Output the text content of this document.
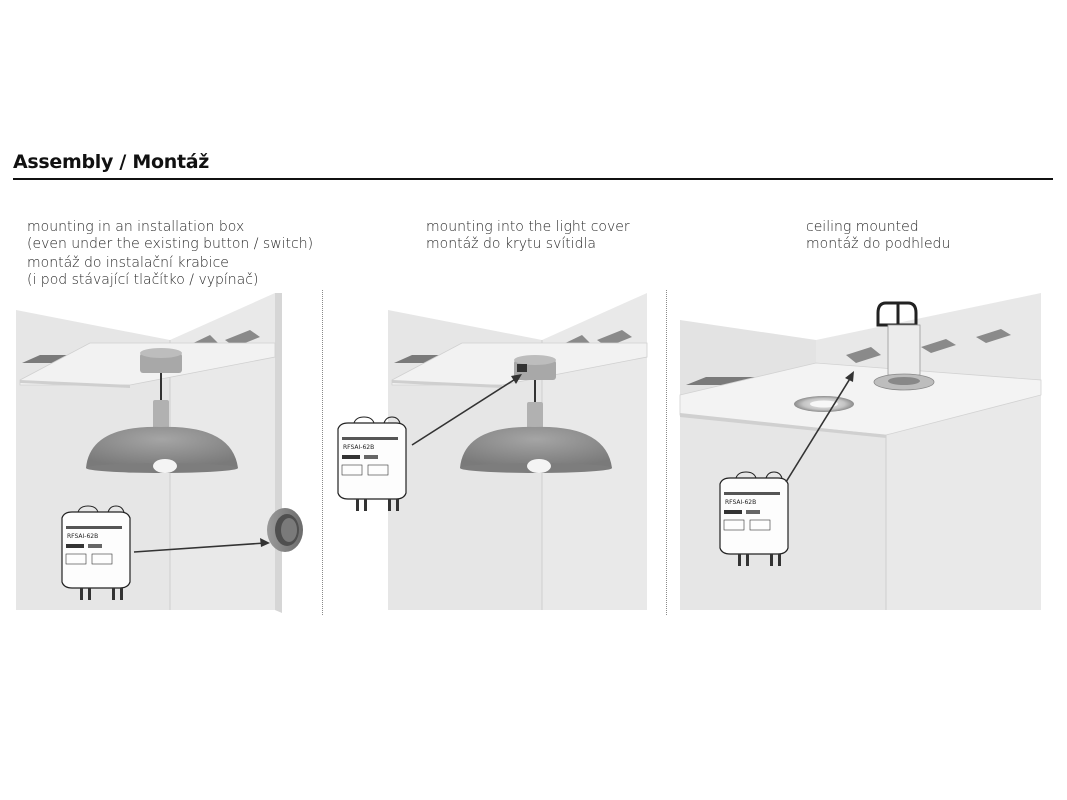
Assembly / Montáž
mounting in an installation box
(even under the existing button / switch)
montáž do instalační krabice
(i pod stávající tlačítko / vypínač)
mounting into the light cover
montáž do krytu svítidla
ceiling mounted
montáž do podhledu
RFSAI-62B
RFSAI-62B
RFSAI-62B
